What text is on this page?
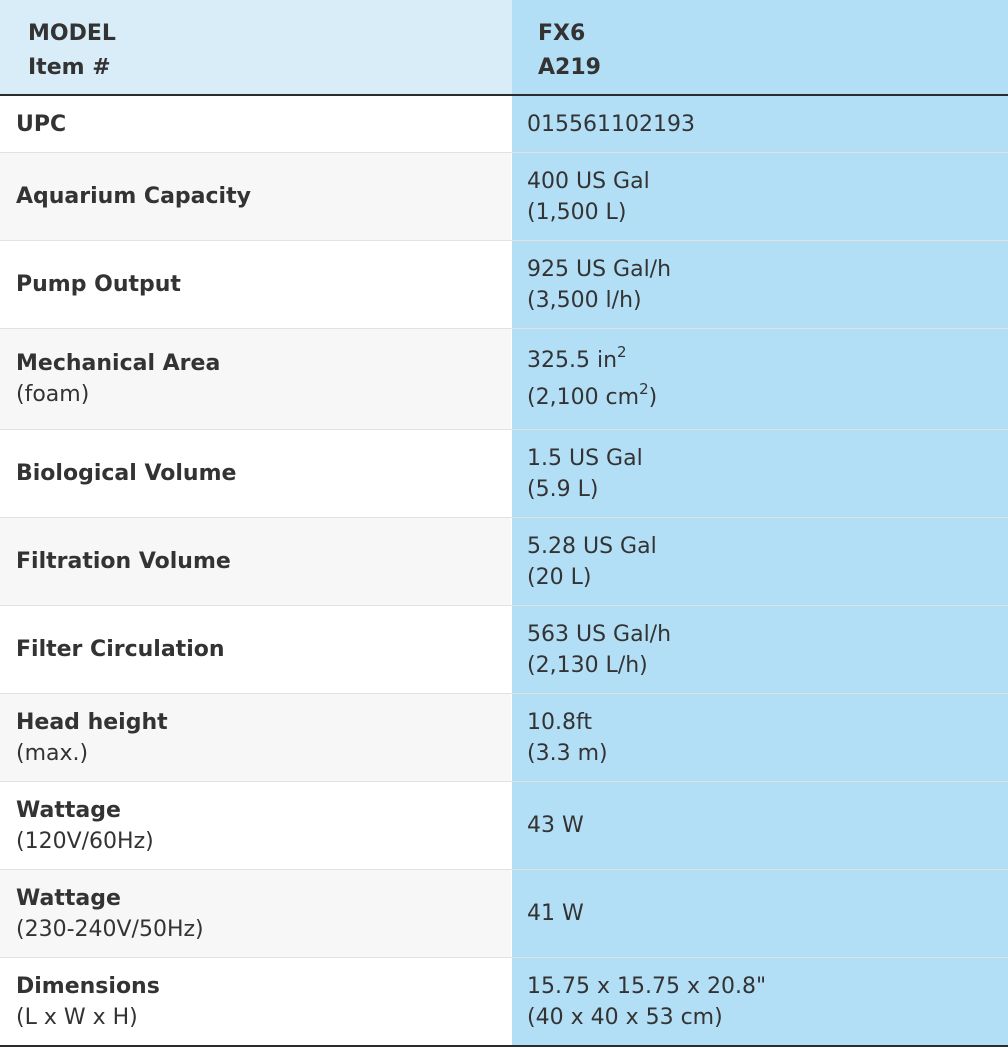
MODEL
Item #
FX6
A219
UPC	015561102193
Aquarium Capacity
400 US Gal
(1,500 L)
Pump Output
925 US Gal/h
(3,500 l/h)
Mechanical Area
(foam)
325.5 $in^2$
(2,100 $cm^2$)
Biological Volume
1.5 US Gal
(5.9 L)
Filtration Volume
5.28 US Gal
(20 L)
Filter Circulation
563 US Gal/h
(2,130 L/h)
Head height
(max.)
10.8ft
(3.3 m)
Wattage
(120V/60Hz)
43 W
Wattage
(230-240V/50Hz)
41 W
Dimensions
(L x W x H)
15.75 x 15.75 x 20.8"
(40 x 40 x 53 cm)
